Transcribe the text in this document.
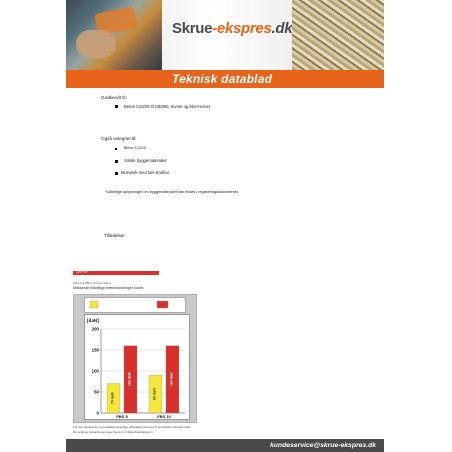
Skrue-ekspres.dk
Teknisk datablad
Godkendt til:
Beton C20/25 til C50/60, revnet og ikke-revnet
Også velegnet til:
Beton C12/15
Solide byggematerialer
Murværk med tæt struktur
*Udførlige oplysninger om byggematerialer kan findes i registeringsdokumentet.
Tilladelser
LASTTYP
Ultra-Cut FBS II 10 betonskrue
Maksimalt tilladelige trækbelastninger Nadm
[daN]
0
50
100
150
200
70 daN
160 daN
FBS 8
90 daN
160 daN
FBS 10
For den tilpassede og installationsvenlige udførelse henvises til produktets tekniske blad.
De angivne belastninger tager hensyn til sikkerhedsfaktoren.
kundeservice@skrue-ekspres.dk
